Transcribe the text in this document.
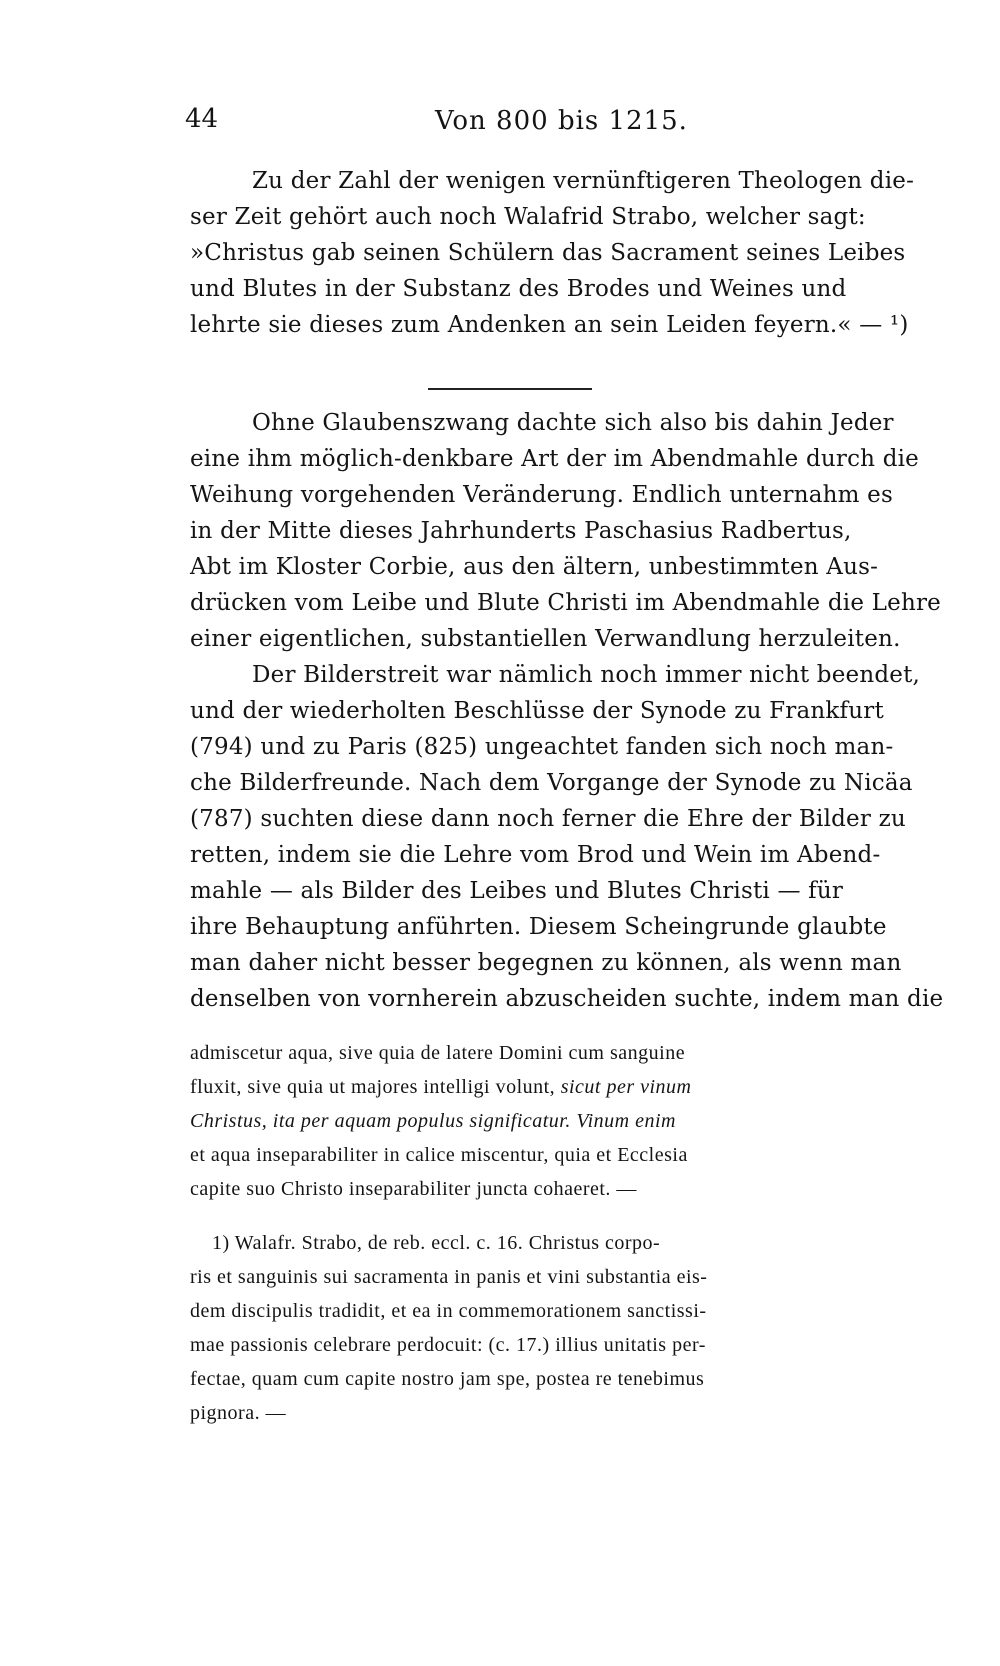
44	Von 800 bis 1215.
Zu der Zahl der wenigen vernünftigeren Theologen die-
ser Zeit gehört auch noch Walafrid Strabo, welcher sagt:
»Christus gab seinen Schülern das Sacrament seines Leibes
und Blutes in der Substanz des Brodes und Weines und
lehrte sie dieses zum Andenken an sein Leiden feyern.« — ¹)
Ohne Glaubenszwang dachte sich also bis dahin Jeder
eine ihm möglich-denkbare Art der im Abendmahle durch die
Weihung vorgehenden Veränderung. Endlich unternahm es
in der Mitte dieses Jahrhunderts Paschasius Radbertus,
Abt im Kloster Corbie, aus den ältern, unbestimmten Aus-
drücken vom Leibe und Blute Christi im Abendmahle die Lehre
einer eigentlichen, substantiellen Verwandlung herzuleiten.
Der Bilderstreit war nämlich noch immer nicht beendet,
und der wiederholten Beschlüsse der Synode zu Frankfurt
(794) und zu Paris (825) ungeachtet fanden sich noch man-
che Bilderfreunde. Nach dem Vorgange der Synode zu Nicäa
(787) suchten diese dann noch ferner die Ehre der Bilder zu
retten, indem sie die Lehre vom Brod und Wein im Abend-
mahle — als Bilder des Leibes und Blutes Christi — für
ihre Behauptung anführten. Diesem Scheingrunde glaubte
man daher nicht besser begegnen zu können, als wenn man
denselben von vornherein abzuscheiden suchte, indem man die
admiscetur aqua, sive quia de latere Domini cum sanguine
fluxit, sive quia ut majores intelligi volunt, sicut per vinum
Christus, ita per aquam populus significatur. Vinum enim
et aqua inseparabiliter in calice miscentur, quia et Ecclesia
capite suo Christo inseparabiliter juncta cohaeret. —
1) Walafr. Strabo, de reb. eccl. c. 16. Christus corpo-
ris et sanguinis sui sacramenta in panis et vini substantia eis-
dem discipulis tradidit, et ea in commemorationem sanctissi-
mae passionis celebrare perdocuit: (c. 17.) illius unitatis per-
fectae, quam cum capite nostro jam spe, postea re tenebimus
pignora. —
